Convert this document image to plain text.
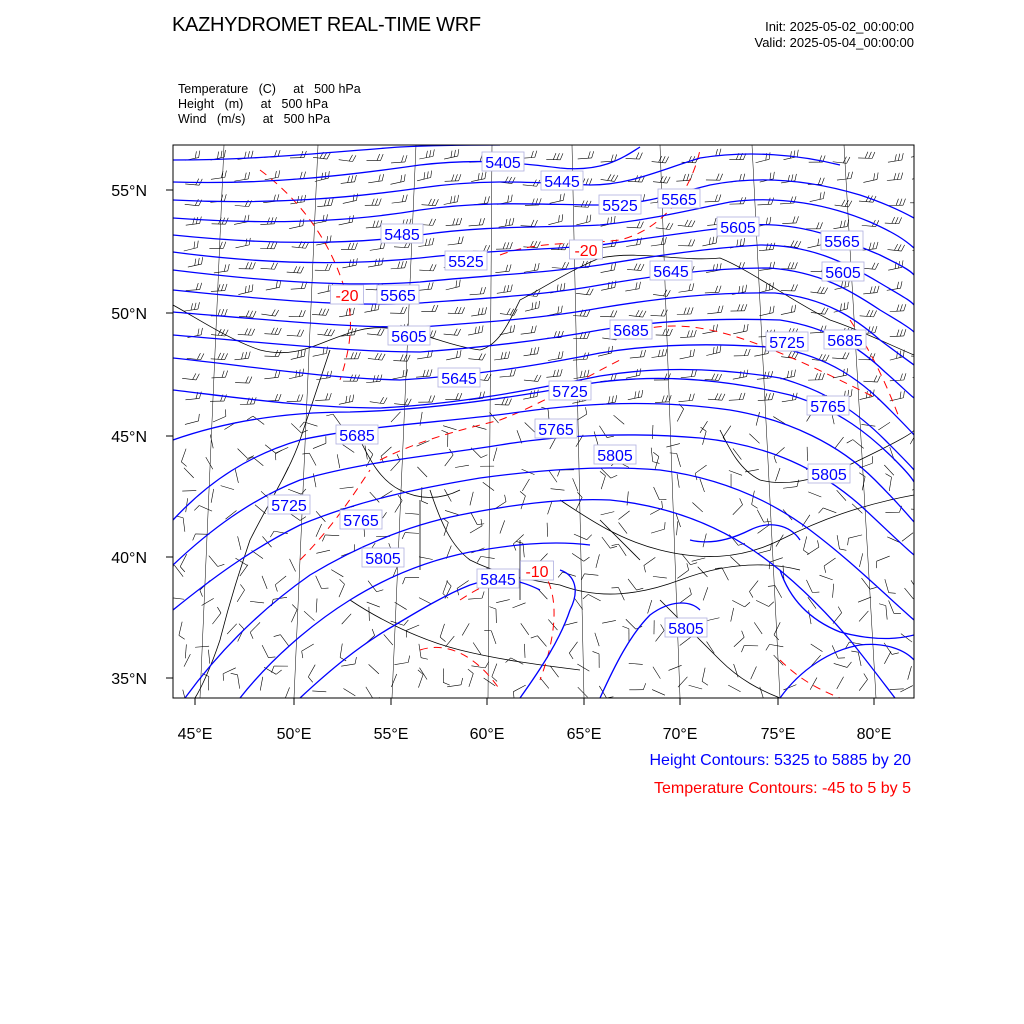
KAZHYDROMET REAL-TIME WRF	Init: 2025-05-02_00:00:00
Valid: 2025-05-04_00:00:00
Temperature   (C)     at   500 hPa
Height   (m)     at   500 hPa
Wind   (m/s)     at   500 hPa
5405
5445
5525 5565
5485
5525
5605
5565
5645	5605
5565
5605	5685
5725 5685
5645
5725
5765
5685	5765
5805
5725
5765
5805
5805
5845
5805
-20
-20
-10
45°E	50°E	55°E	60°E	65°E	70°E	75°E	80°E
55°N
50°N
45°N
40°N
35°N
Height Contours: 5325 to 5885 by 20
Temperature Contours: -45 to 5 by 5
